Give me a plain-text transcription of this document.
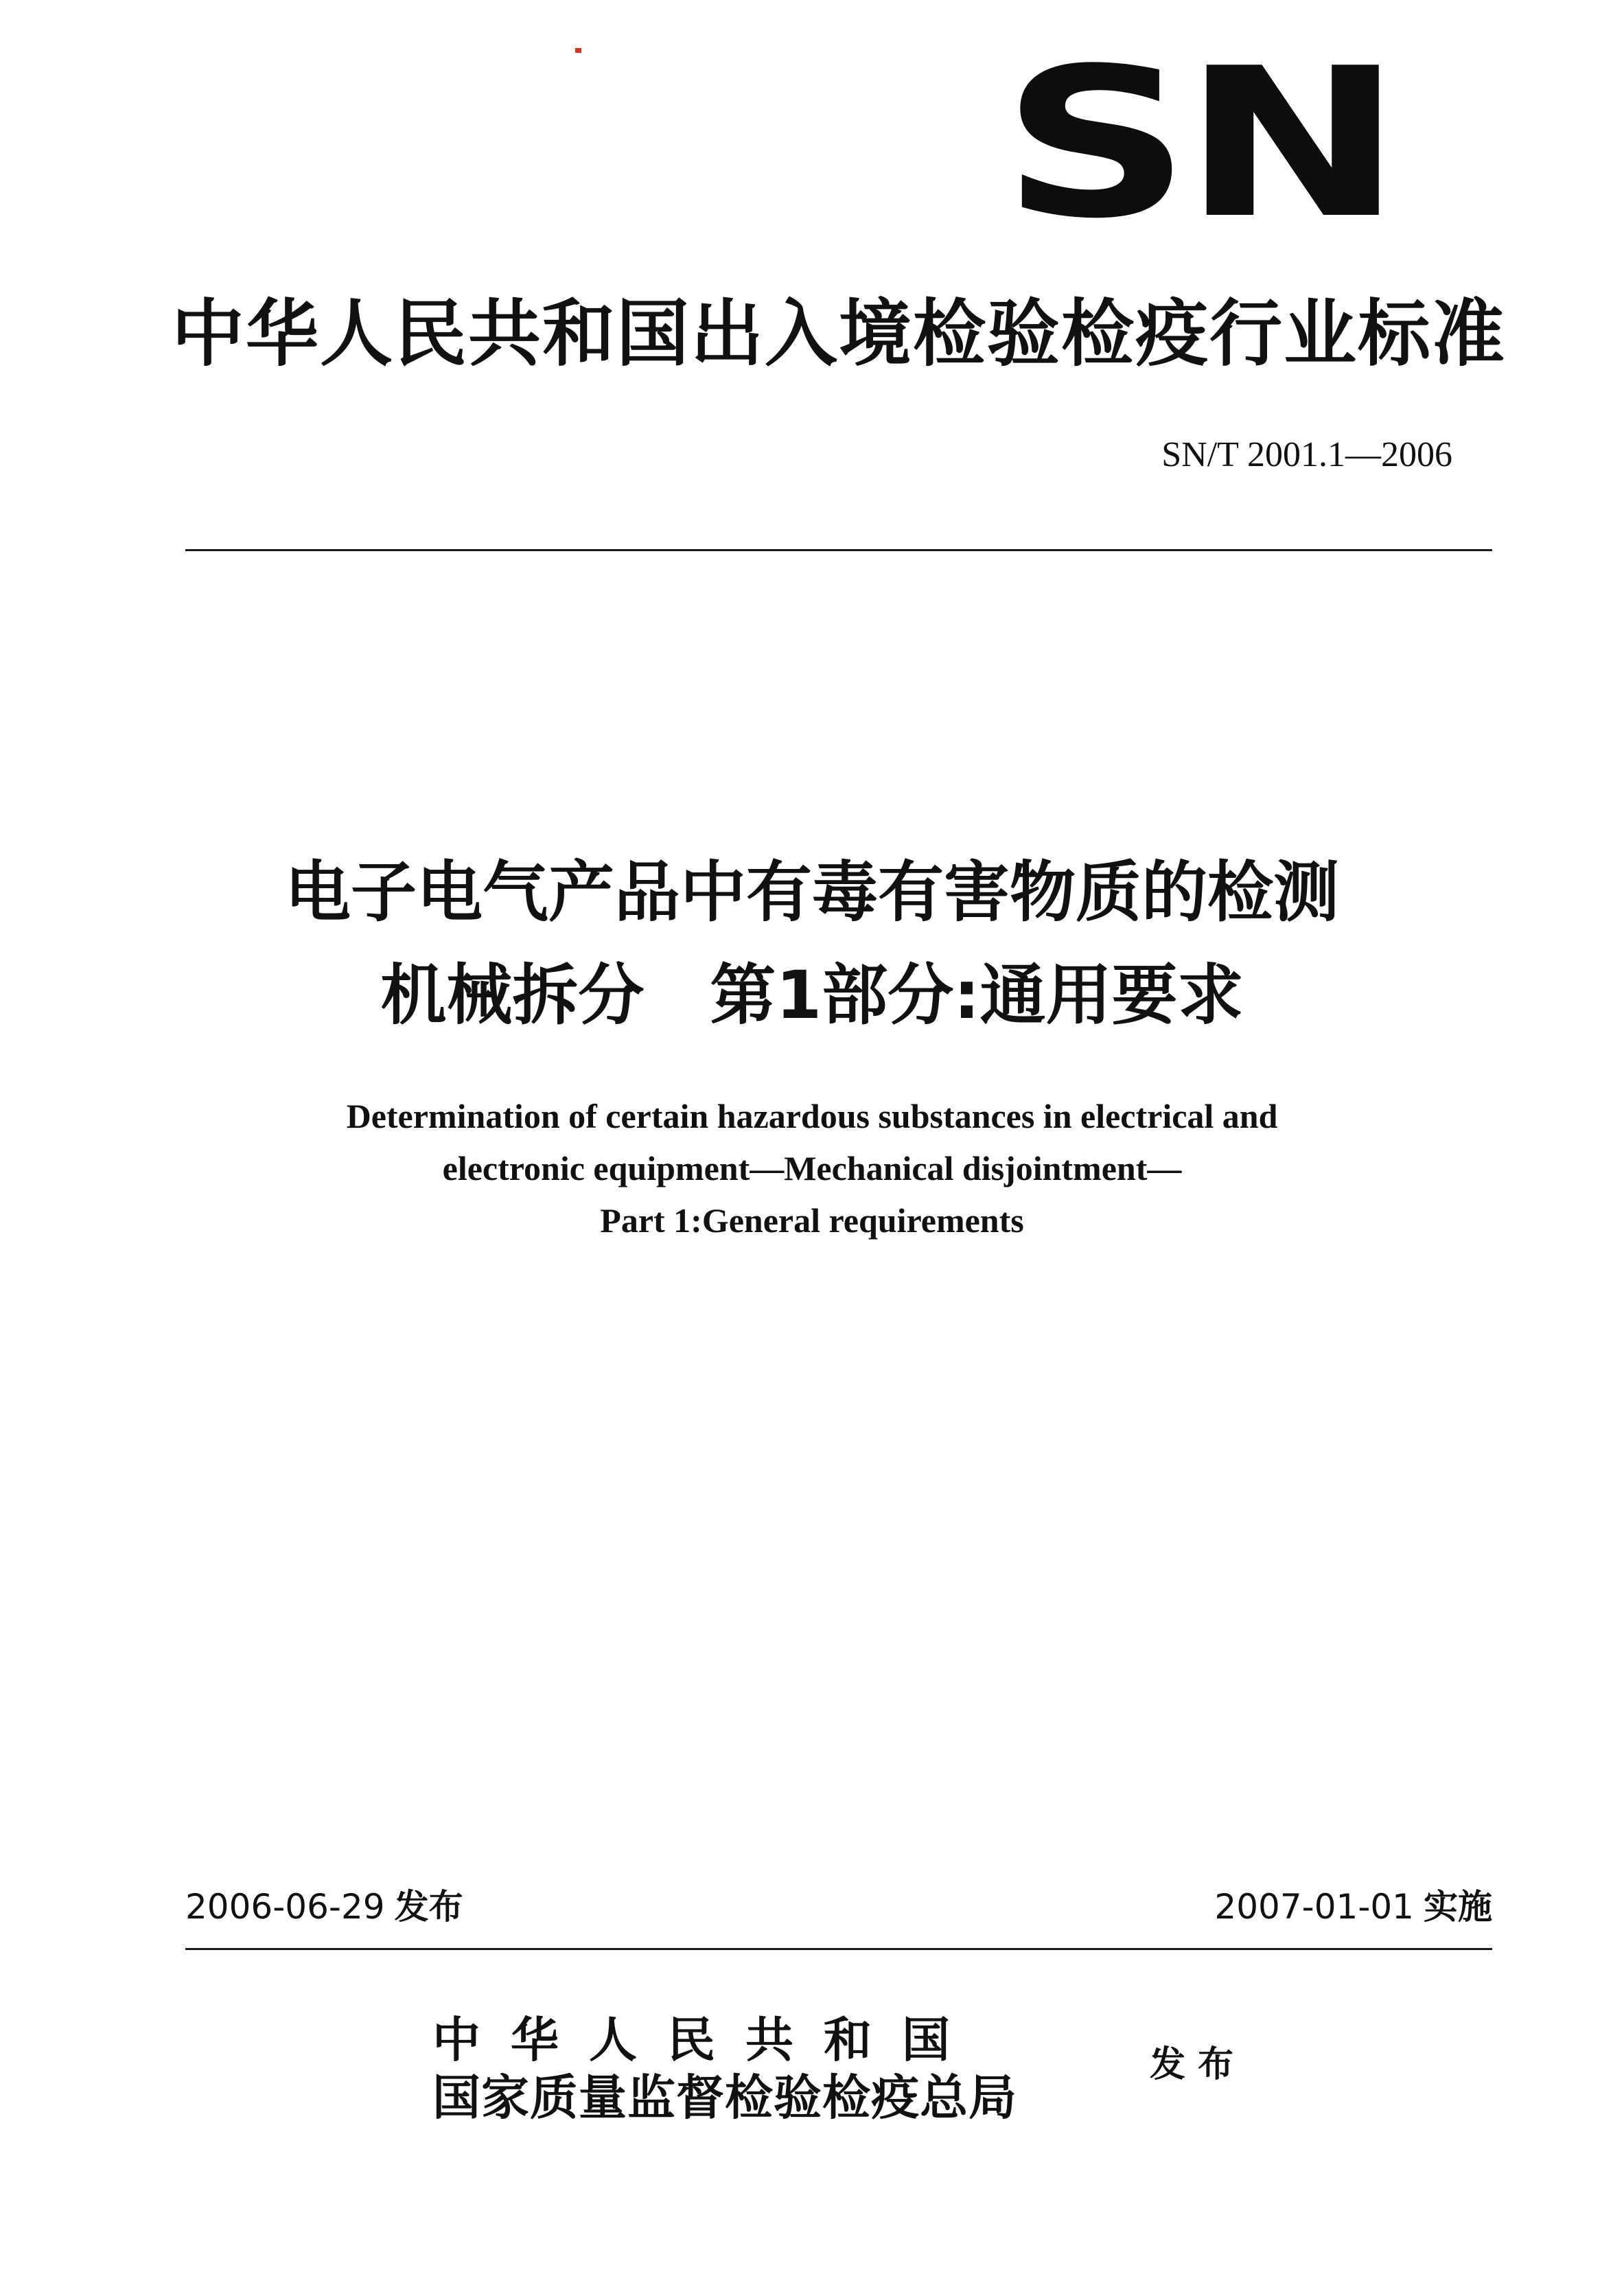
SN
中华人民共和国出入境检验检疫行业标准
SN/T 2001.1—2006
电子电气产品中有毒有害物质的检测
机械拆分　第1部分:通用要求
Determination of certain hazardous substances in electrical and
electronic equipment—Mechanical disjointment—
Part 1:General requirements
2006-06-29 发布	2007-01-01 实施
中华人民共和国
国家质量监督检验检疫总局
发布
